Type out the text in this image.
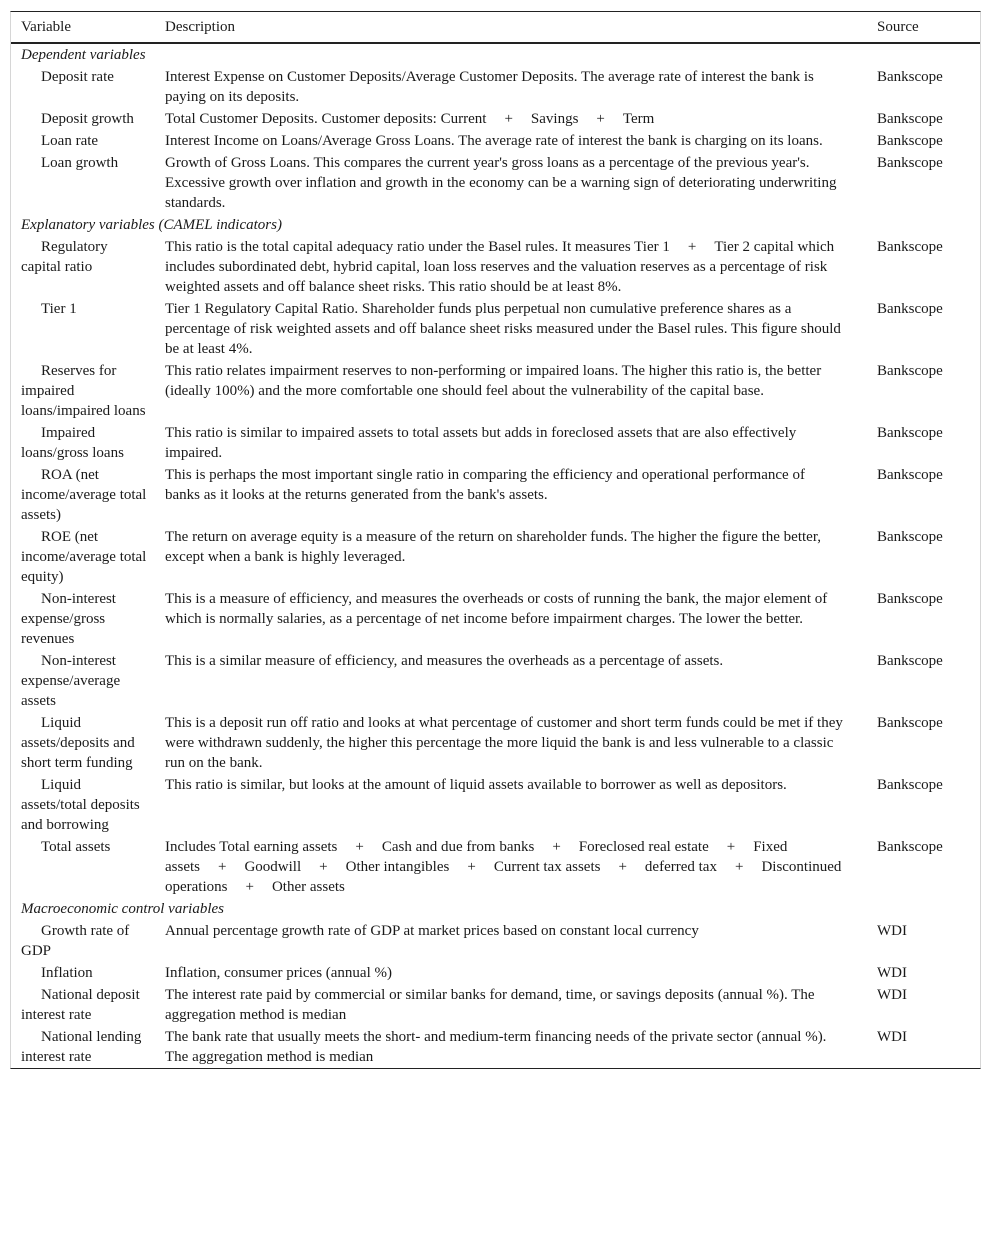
Variable	Description	Source
Dependent variables		
Deposit rate	Interest Expense on Customer Deposits/Average Customer Deposits. The average rate of interest the bank is paying on its deposits.	Bankscope
Deposit growth	Total Customer Deposits. Customer deposits: Current + Savings + Term	Bankscope
Loan rate	Interest Income on Loans/Average Gross Loans. The average rate of interest the bank is charging on its loans.	Bankscope
Loan growth	Growth of Gross Loans. This compares the current year's gross loans as a percentage of the previous year's. Excessive growth over inflation and growth in the economy can be a warning sign of deteriorating underwriting standards.	Bankscope
Explanatory variables (CAMEL indicators)		
Regulatory capital ratio	This ratio is the total capital adequacy ratio under the Basel rules. It measures Tier 1 + Tier 2 capital which includes subordinated debt, hybrid capital, loan loss reserves and the valuation reserves as a percentage of risk weighted assets and off balance sheet risks. This ratio should be at least 8%.	Bankscope
Tier 1	Tier 1 Regulatory Capital Ratio. Shareholder funds plus perpetual non cumulative preference shares as a percentage of risk weighted assets and off balance sheet risks measured under the Basel rules. This figure should be at least 4%.	Bankscope
Reserves for impaired loans/impaired loans	This ratio relates impairment reserves to non-performing or impaired loans. The higher this ratio is, the better (ideally 100%) and the more comfortable one should feel about the vulnerability of the capital base.	Bankscope
Impaired loans/gross loans	This ratio is similar to impaired assets to total assets but adds in foreclosed assets that are also effectively impaired.	Bankscope
ROA (net income/average total assets)	This is perhaps the most important single ratio in comparing the efficiency and operational performance of banks as it looks at the returns generated from the bank's assets.	Bankscope
ROE (net income/average total equity)	The return on average equity is a measure of the return on shareholder funds. The higher the figure the better, except when a bank is highly leveraged.	Bankscope
Non-interest expense/gross revenues	This is a measure of efficiency, and measures the overheads or costs of running the bank, the major element of which is normally salaries, as a percentage of net income before impairment charges. The lower the better.	Bankscope
Non-interest expense/average assets	This is a similar measure of efficiency, and measures the overheads as a percentage of assets.	Bankscope
Liquid assets/deposits and short term funding	This is a deposit run off ratio and looks at what percentage of customer and short term funds could be met if they were withdrawn suddenly, the higher this percentage the more liquid the bank is and less vulnerable to a classic run on the bank.	Bankscope
Liquid assets/total deposits and borrowing	This ratio is similar, but looks at the amount of liquid assets available to borrower as well as depositors.	Bankscope
Total assets	Includes Total earning assets + Cash and due from banks + Foreclosed real estate + Fixed assets + Goodwill + Other intangibles + Current tax assets + deferred tax + Discontinued operations + Other assets	Bankscope
Macroeconomic control variables		
Growth rate of GDP	Annual percentage growth rate of GDP at market prices based on constant local currency	WDI
Inflation	Inflation, consumer prices (annual %)	WDI
National deposit interest rate	The interest rate paid by commercial or similar banks for demand, time, or savings deposits (annual %). The aggregation method is median	WDI
National lending interest rate	The bank rate that usually meets the short- and medium-term financing needs of the private sector (annual %). The aggregation method is median	WDI
